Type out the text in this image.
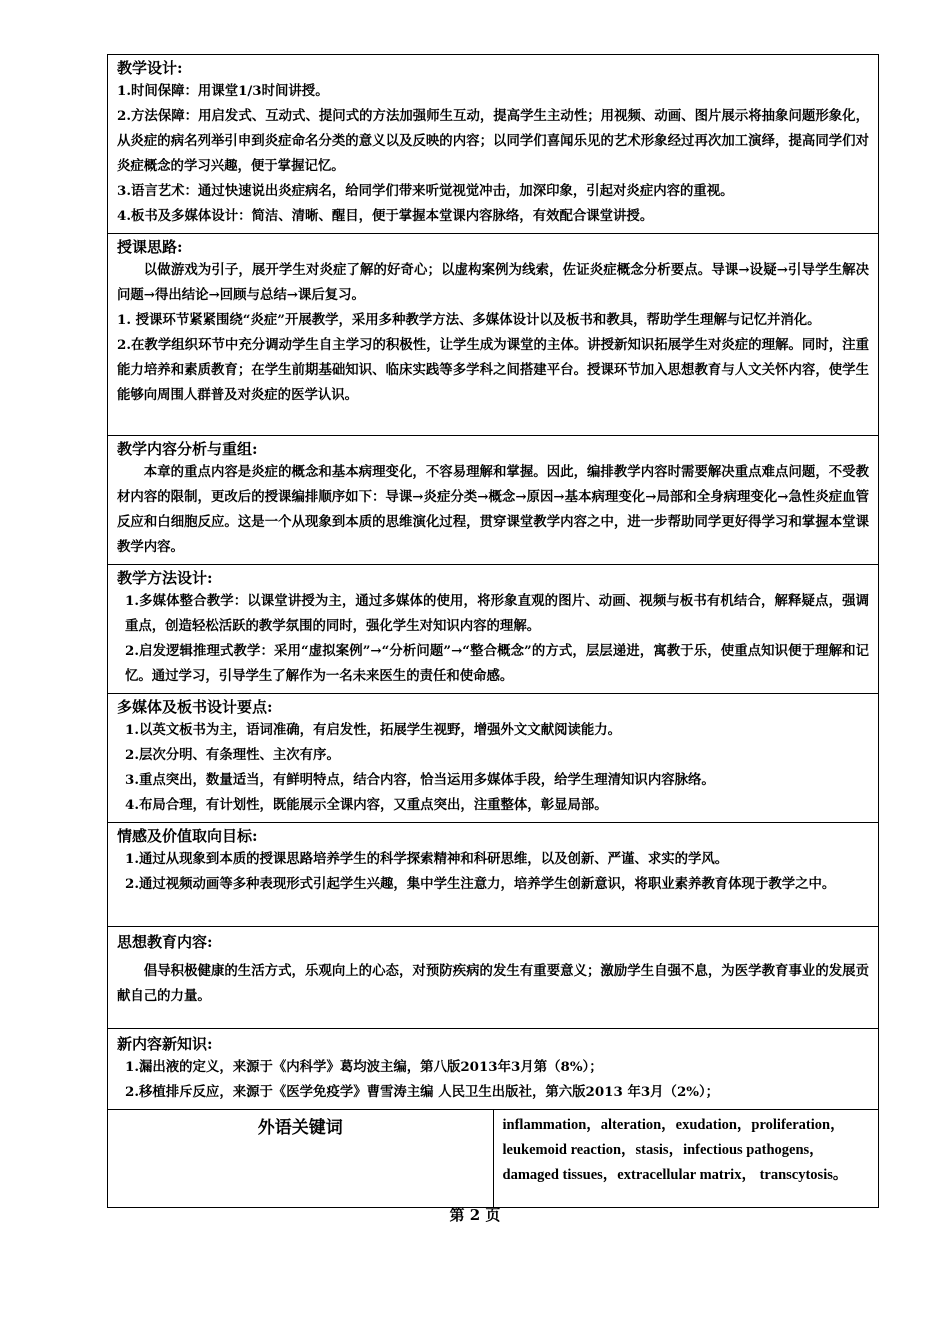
教学设计:

1.时间保障：用课堂1/3时间讲授。

2.方法保障：用启发式、互动式、提问式的方法加强师生互动，提高学生主动性；用视频、动画、图片展示将抽象问题形象化，从炎症的病名列举引申到炎症命名分类的意义以及反映的内容；以同学们喜闻乐见的艺术形象经过再次加工演绎，提高同学们对炎症概念的学习兴趣，便于掌握记忆。

3.语言艺术：通过快速说出炎症病名，给同学们带来听觉视觉冲击，加深印象，引起对炎症内容的重视。

4.板书及多媒体设计：简洁、清晰、醒目，便于掌握本堂课内容脉络，有效配合课堂讲授。

授课思路:

以做游戏为引子，展开学生对炎症了解的好奇心；以虚构案例为线索，佐证炎症概念分析要点。导课→设疑→引导学生解决问题→得出结论→回顾与总结→课后复习。

1. 授课环节紧紧围绕“炎症”开展教学，采用多种教学方法、多媒体设计以及板书和教具，帮助学生理解与记忆并消化。

2.在教学组织环节中充分调动学生自主学习的积极性，让学生成为课堂的主体。讲授新知识拓展学生对炎症的理解。同时，注重能力培养和素质教育；在学生前期基础知识、临床实践等多学科之间搭建平台。授课环节加入思想教育与人文关怀内容，使学生能够向周围人群普及对炎症的医学认识。

教学内容分析与重组:

本章的重点内容是炎症的概念和基本病理变化，不容易理解和掌握。因此，编排教学内容时需要解决重点难点问题，不受教材内容的限制，更改后的授课编排顺序如下：导课→炎症分类→概念→原因→基本病理变化→局部和全身病理变化→急性炎症血管反应和白细胞反应。这是一个从现象到本质的思维演化过程，贯穿课堂教学内容之中，进一步帮助同学更好得学习和掌握本堂课教学内容。

教学方法设计:

1.多媒体整合教学：以课堂讲授为主，通过多媒体的使用，将形象直观的图片、动画、视频与板书有机结合，解释疑点，强调重点，创造轻松活跃的教学氛围的同时，强化学生对知识内容的理解。

2.启发逻辑推理式教学：采用“虚拟案例”→“分析问题”→“整合概念”的方式，层层递进，寓教于乐，使重点知识便于理解和记忆。通过学习，引导学生了解作为一名未来医生的责任和使命感。

多媒体及板书设计要点:

1.以英文板书为主，语词准确，有启发性，拓展学生视野，增强外文文献阅读能力。

2.层次分明、有条理性、主次有序。

3.重点突出，数量适当，有鲜明特点，结合内容，恰当运用多媒体手段，给学生理清知识内容脉络。

4.布局合理，有计划性，既能展示全课内容，又重点突出，注重整体，彰显局部。

情感及价值取向目标:

1.通过从现象到本质的授课思路培养学生的科学探索精神和科研思维，以及创新、严谨、求实的学风。

2.通过视频动画等多种表现形式引起学生兴趣，集中学生注意力，培养学生创新意识，将职业素养教育体现于教学之中。

思想教育内容:

倡导积极健康的生活方式，乐观向上的心态，对预防疾病的发生有重要意义；激励学生自强不息，为医学教育事业的发展贡献自己的力量。

新内容新知识:

1.漏出液的定义，来源于《内科学》葛均波主编，第八版2013年3月第（8%）；

2.移植排斥反应，来源于《医学免疫学》曹雪涛主编 人民卫生出版社，第六版2013 年3月（2%）；

外语关键词	inflammation，alteration，exudation，proliferation，leukemoid reaction，stasis，infectious pathogens，damaged tissues，extracellular matrix， transcytosis。
第 2 页
